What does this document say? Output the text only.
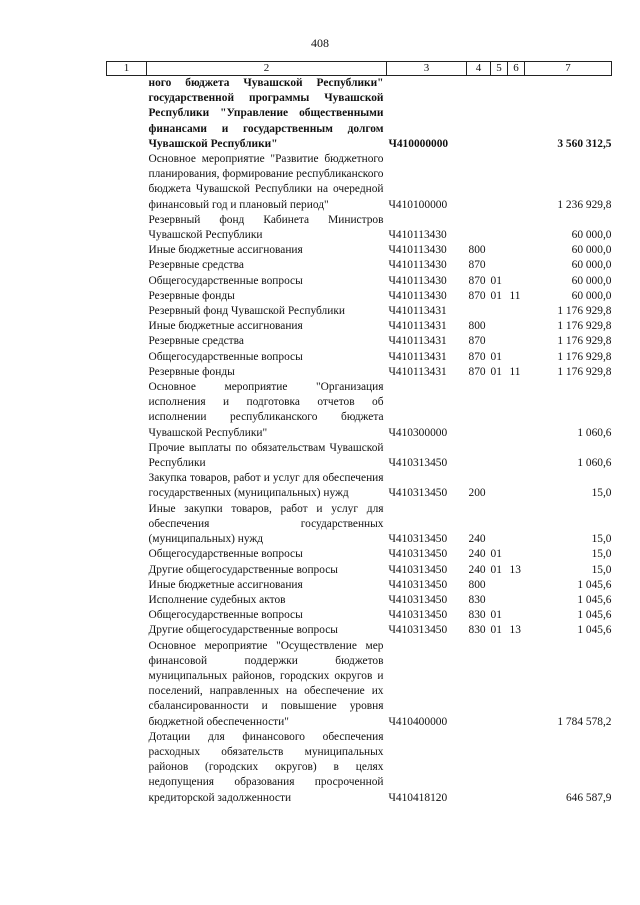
408
1	2	3	4	5	6	7
	ного бюджета Чувашской Республики" государственной программы Чувашской Республики "Управление общественными финансами и государственным долгом Чувашской Республики"	Ч410000000				3 560 312,5
	Основное мероприятие "Развитие бюджетного планирования, формирование республиканского бюджета Чувашской Республики на очередной финансовый год и плановый период"	Ч410100000				1 236 929,8
	Резервный фонд Кабинета Министров Чувашской Республики	Ч410113430				60 000,0
	Иные бюджетные ассигнования	Ч410113430	800			60 000,0
	Резервные средства	Ч410113430	870			60 000,0
	Общегосударственные вопросы	Ч410113430	870	01		60 000,0
	Резервные фонды	Ч410113430	870	01	11	60 000,0
	Резервный фонд Чувашской Республики	Ч410113431				1 176 929,8
	Иные бюджетные ассигнования	Ч410113431	800			1 176 929,8
	Резервные средства	Ч410113431	870			1 176 929,8
	Общегосударственные вопросы	Ч410113431	870	01		1 176 929,8
	Резервные фонды	Ч410113431	870	01	11	1 176 929,8
	Основное мероприятие "Организация исполнения и подготовка отчетов об исполнении республиканского бюджета Чувашской Республики"	Ч410300000				1 060,6
	Прочие выплаты по обязательствам Чувашской Республики	Ч410313450				1 060,6
	Закупка товаров, работ и услуг для обеспечения государственных (муниципальных) нужд	Ч410313450	200			15,0
	Иные закупки товаров, работ и услуг для обеспечения государственных (муниципальных) нужд	Ч410313450	240			15,0
	Общегосударственные вопросы	Ч410313450	240	01		15,0
	Другие общегосударственные вопросы	Ч410313450	240	01	13	15,0
	Иные бюджетные ассигнования	Ч410313450	800			1 045,6
	Исполнение судебных актов	Ч410313450	830			1 045,6
	Общегосударственные вопросы	Ч410313450	830	01		1 045,6
	Другие общегосударственные вопросы	Ч410313450	830	01	13	1 045,6
	Основное мероприятие "Осуществление мер финансовой поддержки бюджетов муниципальных районов, городских округов и поселений, направленных на обеспечение их сбалансированности и повышение уровня бюджетной обеспеченности"	Ч410400000				1 784 578,2
	Дотации для финансового обеспечения расходных обязательств муниципальных районов (городских округов) в целях недопущения образования просроченной кредиторской задолженности	Ч410418120				646 587,9
